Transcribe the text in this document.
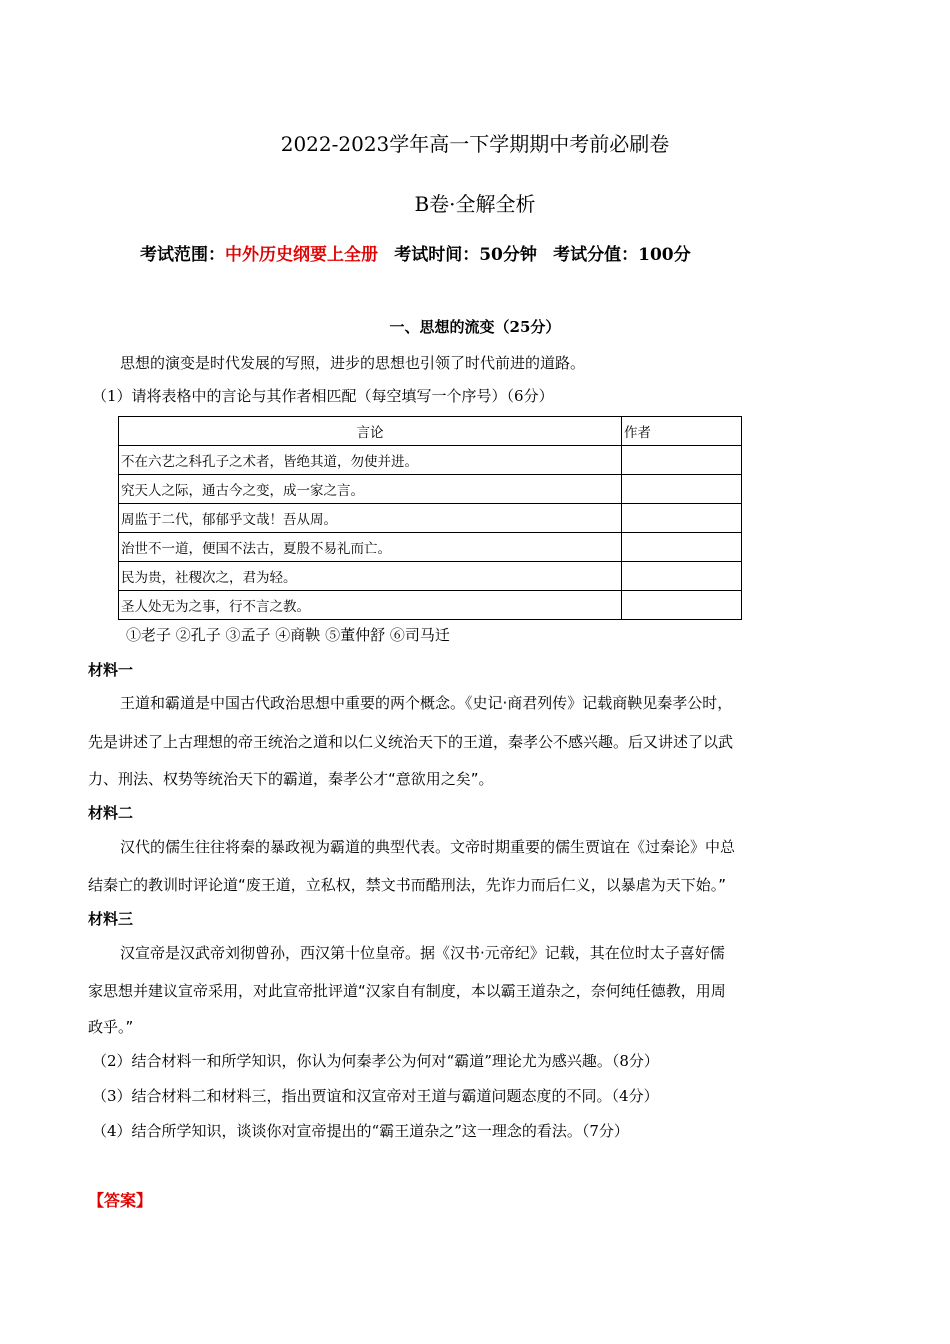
2022-2023学年高一下学期期中考前必刷卷
B卷·全解全析
考试范围：中外历史纲要上全册 考试时间：50分钟 考试分值：100分
一、思想的流变（25分）
思想的演变是时代发展的写照，进步的思想也引领了时代前进的道路。
（1）请将表格中的言论与其作者相匹配（每空填写一个序号）（6分）
言论	作者
不在六艺之科孔子之术者，皆绝其道，勿使并进。	
究天人之际，通古今之变，成一家之言。	
周监于二代，郁郁乎文哉！吾从周。	
治世不一道，便国不法古，夏殷不易礼而亡。	
民为贵，社稷次之，君为轻。	
圣人处无为之事，行不言之教。	
①老子 ②孔子 ③孟子 ④商鞅 ⑤董仲舒 ⑥司马迁
材料一
王道和霸道是中国古代政治思想中重要的两个概念。《史记·商君列传》记载商鞅见秦孝公时，
先是讲述了上古理想的帝王统治之道和以仁义统治天下的王道，秦孝公不感兴趣。后又讲述了以武
力、刑法、权势等统治天下的霸道，秦孝公才“意欲用之矣”。
材料二
汉代的儒生往往将秦的暴政视为霸道的典型代表。文帝时期重要的儒生贾谊在《过秦论》中总
结秦亡的教训时评论道“废王道，立私权，禁文书而酷刑法，先诈力而后仁义，以暴虐为天下始。”
材料三
汉宣帝是汉武帝刘彻曾孙，西汉第十位皇帝。据《汉书·元帝纪》记载，其在位时太子喜好儒
家思想并建议宣帝采用，对此宣帝批评道“汉家自有制度，本以霸王道杂之，奈何纯任德教，用周
政乎。”
（2）结合材料一和所学知识，你认为何秦孝公为何对“霸道”理论尤为感兴趣。（8分）
（3）结合材料二和材料三，指出贾谊和汉宣帝对王道与霸道问题态度的不同。（4分）
（4）结合所学知识，谈谈你对宣帝提出的“霸王道杂之”这一理念的看法。（7分）
【答案】
